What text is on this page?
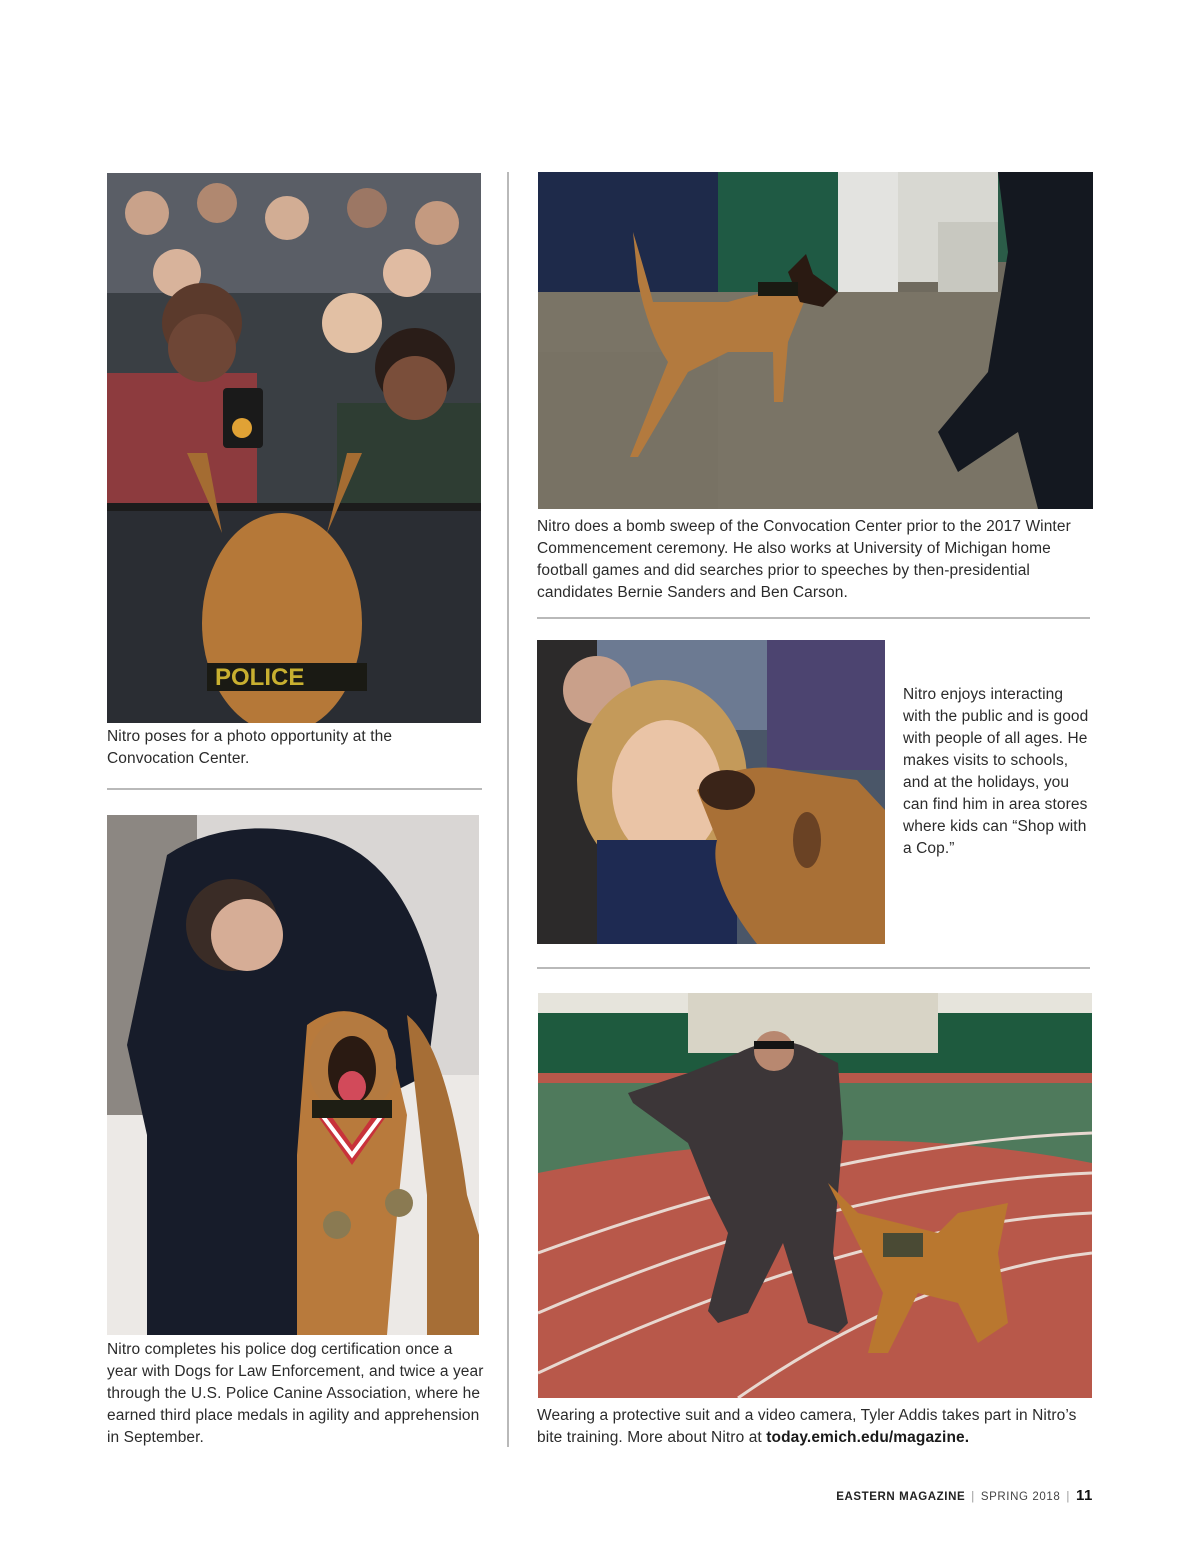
POLICE
Nitro poses for a photo opportunity at the Convocation Center.
Nitro does a bomb sweep of the Convocation Center prior to the 2017 Winter Commencement ceremony. He also works at University of Michigan home football games and did searches prior to speeches by then-presidential candidates Bernie Sanders and Ben Carson.
Nitro enjoys interacting with the public and is good with people of all ages. He makes visits to schools, and at the holidays, you can find him in area stores where kids can “Shop with a Cop.”
Nitro completes his police dog certification once a year with Dogs for Law Enforcement, and twice a year through the U.S. Police Canine Association, where he earned third place medals in agility and apprehension in September.
Wearing a protective suit and a video camera, Tyler Addis takes part in Nitro’s bite training. More about Nitro at today.emich.edu/magazine.
EASTERN MAGAZINE | SPRING 2018 | 11
